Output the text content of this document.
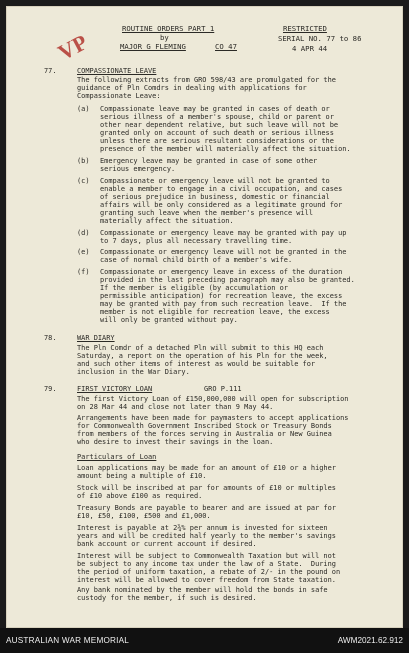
ROUTINE ORDERS PART 1
by
MAJOR G FLEMING	CO 47
RESTRICTED
SERIAL NO. 77 to 86
4 APR 44
VP
77.	COMPASSIONATE LEAVE
The following extracts from GRO 598/43 are promulgated for the
guidance of Pln Comdrs in dealing with applications for
Compassionate Leave:
(a)	Compassionate leave may be granted in cases of death or
serious illness of a member's spouse, child or parent or
other near dependent relative, but such leave will not be
granted only on account of such death or serious illness
unless there are serious resultant considerations or the
presence of the member will materially affect the situation.
(b)	Emergency leave may be granted in case of some other
serious emergency.
(c)	Compassionate or emergency leave will not be granted to
enable a member to engage in a civil occupation, and cases
of serious prejudice in business, domestic or financial
affairs will be only considered as a legitimate ground for
granting such leave when the member's presence will
materially affect the situation.
(d)	Compassionate or emergency leave may be granted with pay up
to 7 days, plus all necessary travelling time.
(e)	Compassionate or emergency leave will not be granted in the
case of normal child birth of a member's wife.
(f)	Compassionate or emergency leave in excess of the duration
provided in the last preceding paragraph may also be granted.
If the member is eligible (by accumulation or
permissible anticipation) for recreation leave, the excess
may be granted with pay from such recreation leave.  If the
member is not eligible for recreation leave, the excess
will only be granted without pay.
78.	WAR DIARY
The Pln Comdr of a detached Pln will submit to this HQ each
Saturday, a report on the operation of his Pln for the week,
and such other items of interest as would be suitable for
inclusion in the War Diary.
79.	FIRST VICTORY LOAN	GRO P.111
The first Victory Loan of £150,000,000 will open for subscription
on 28 Mar 44 and close not later than 9 May 44.
Arrangements have been made for paymasters to accept applications
for Commonwealth Government Inscribed Stock or Treasury Bonds
from members of the forces serving in Australia or New Guinea
who desire to invest their savings in the loan.
Particulars of Loan
Loan applications may be made for an amount of £10 or a higher
amount being a multiple of £10.
Stock will be inscribed at par for amounts of £10 or multiples
of £10 above £100 as required.
Treasury Bonds are payable to bearer and are issued at par for
£10, £50, £100, £500 and £1,000.
Interest is payable at 2¾% per annum is invested for sixteen
years and will be credited half yearly to the member's savings
bank account or current account if desired.
Interest will be subject to Commonwealth Taxation but will not
be subject to any income tax under the law of a State.  During
the period of uniform taxation, a rebate of 2/- in the pound on
interest will be allowed to cover freedom from State taxation.
Any bank nominated by the member will hold the bonds in safe
custody for the member, if such is desired.
AUSTRALIAN WAR MEMORIAL	AWM2021.62.912
